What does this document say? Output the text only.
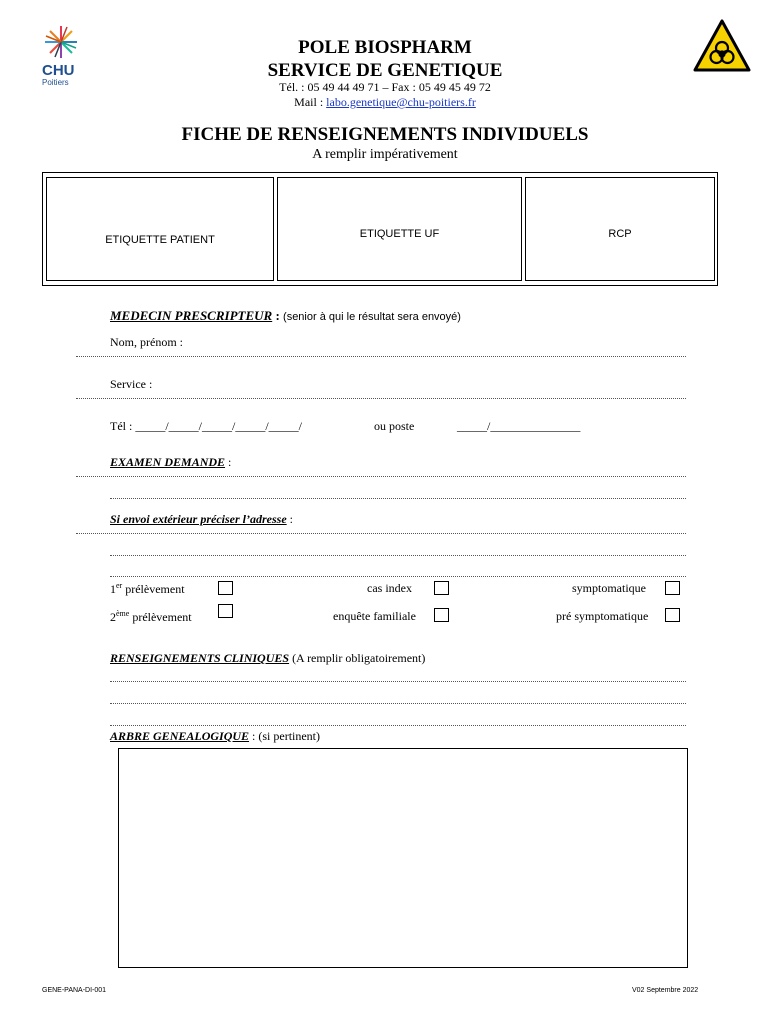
CHU
Poitiers
POLE BIOSPHARM
SERVICE DE GENETIQUE
Tél. : 05 49 44 49 71 – Fax : 05 49 45 49 72
Mail : labo.genetique@chu-poitiers.fr
FICHE DE RENSEIGNEMENTS INDIVIDUELS
A remplir impérativement
ETIQUETTE PATIENT	ETIQUETTE UF	RCP
MEDECIN PRESCRIPTEUR : (senior à qui le résultat sera envoyé)
Nom, prénom :
Service :
Tél : _____/_____/_____/_____/_____/	ou poste	_____/_______________
EXAMEN DEMANDE :
Si envoi extérieur préciser l’adresse :
1er prélèvement	cas index	symptomatique
2ème prélèvement	enquête familiale	pré symptomatique
RENSEIGNEMENTS CLINIQUES (A remplir obligatoirement)
ARBRE GENEALOGIQUE : (si pertinent)
GENE-PANA-DI-001	V02 Septembre 2022
